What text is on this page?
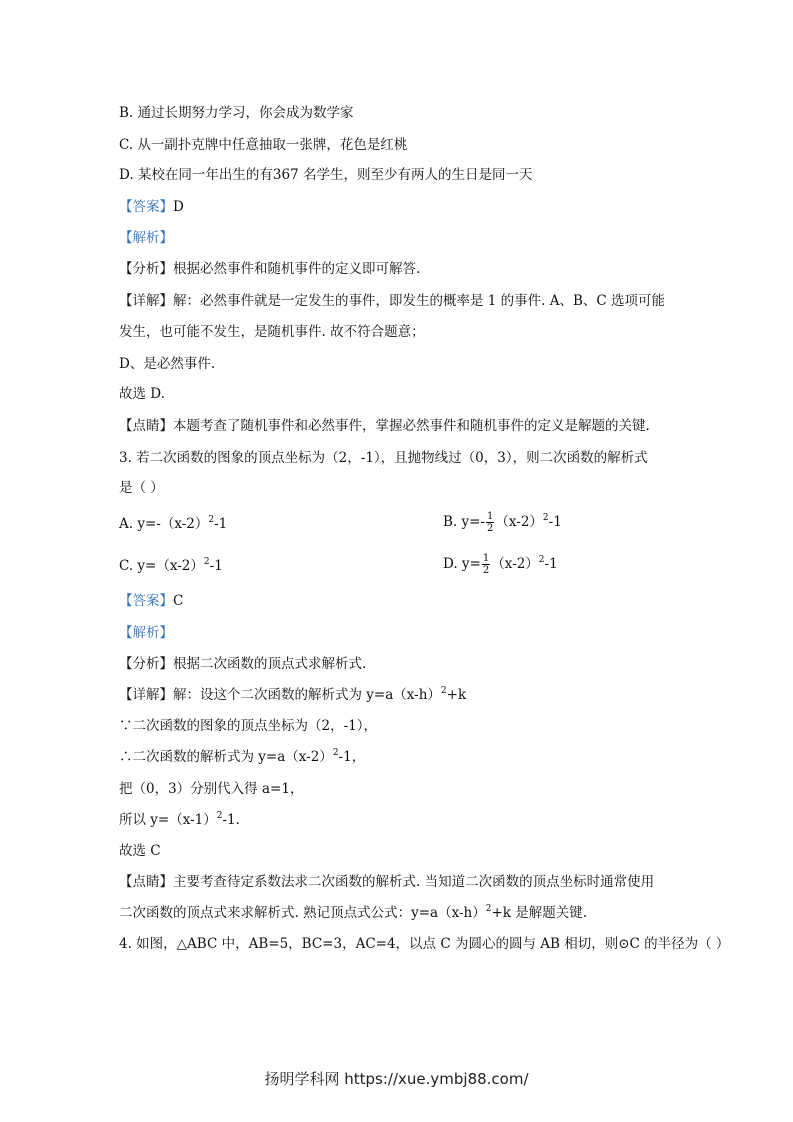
B. 通过长期努力学习，你会成为数学家
C. 从一副扑克牌中任意抽取一张牌，花色是红桃
D. 某校在同一年出生的有367 名学生，则至少有两人的生日是同一天
【答案】D
【解析】
【分析】根据必然事件和随机事件的定义即可解答.
【详解】解：必然事件就是一定发生的事件，即发生的概率是 1 的事件. A、B、C 选项可能
发生，也可能不发生，是随机事件. 故不符合题意；
D、是必然事件.
故选 D.
【点睛】本题考查了随机事件和必然事件，掌握必然事件和随机事件的定义是解题的关键.
3. 若二次函数的图象的顶点坐标为（2，-1），且抛物线过（0，3），则二次函数的解析式
是（ ）
A. $y=-(x-2)^2-1$	B. $y=- \frac{1}{2} (x-2)^2-1$
C. $y=(x-2)^2-1$	D. $y= \frac{1}{2} (x-2)^2-1$
【答案】C
【解析】
【分析】根据二次函数的顶点式求解析式.
【详解】解：设这个二次函数的解析式为 $y=a(x-h)^2+k$
∵二次函数的图象的顶点坐标为（2，-1），
∴二次函数的解析式为 $y=a(x-2)^2-1$，
把（0，3）分别代入得 a=1，
所以 $y=(x-1)^2-1$.
故选 C
【点睛】主要考查待定系数法求二次函数的解析式. 当知道二次函数的顶点坐标时通常使用
二次函数的顶点式来求解析式. 熟记顶点式公式：$y=a(x-h)^2+k$ 是解题关键.
4. 如图，△ABC 中，AB=5，BC=3，AC=4，以点 C 为圆心的圆与 AB 相切，则⊙C 的半径为（ ）
扬明学科网 https://xue.ymbj88.com/
